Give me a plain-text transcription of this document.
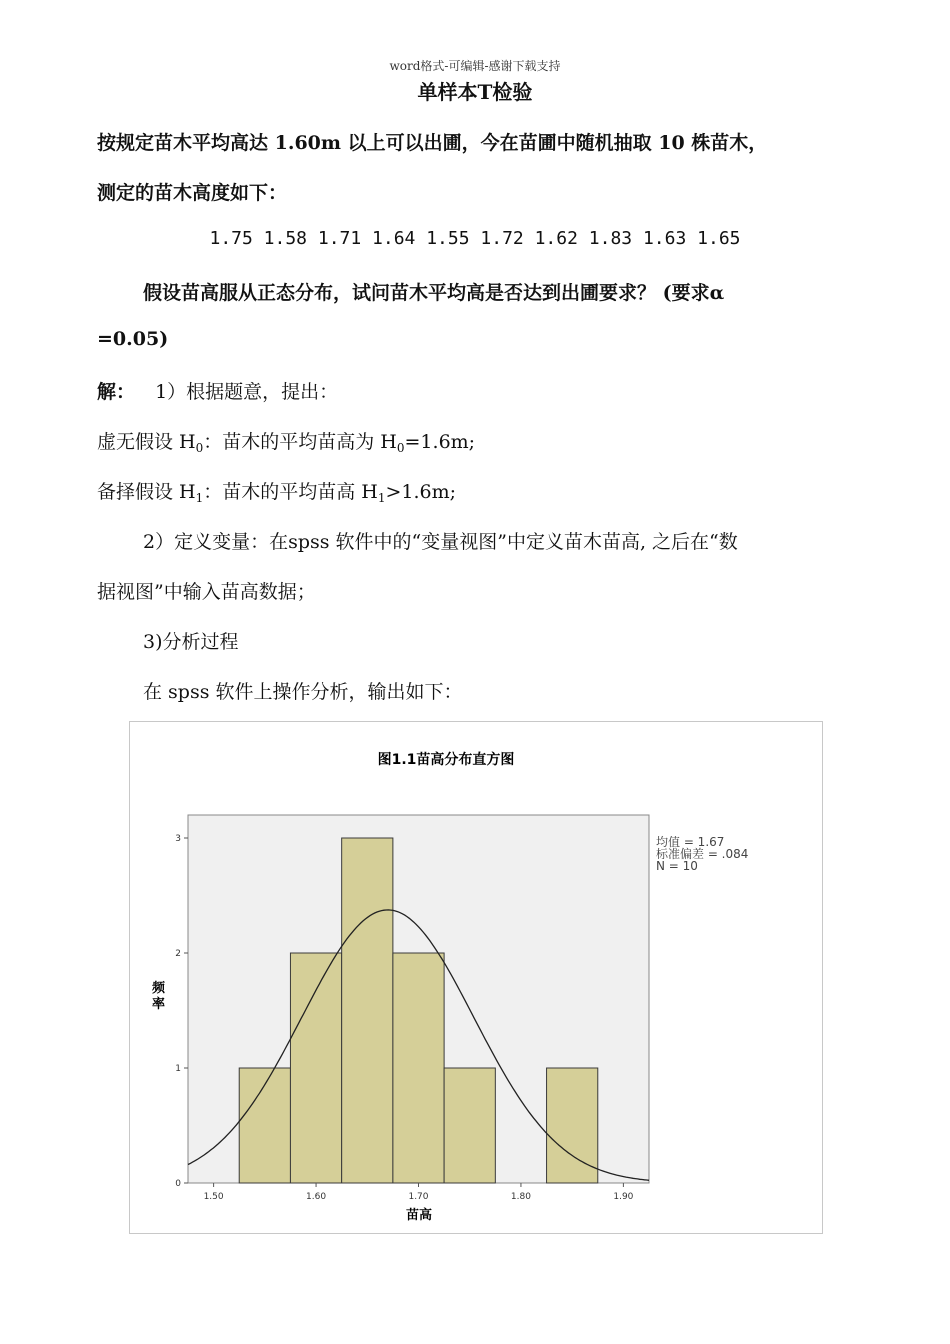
word格式-可编辑-感谢下载支持
单样本T检验
按规定苗木平均高达 1.60m 以上可以出圃，今在苗圃中随机抽取 10 株苗木，
测定的苗木高度如下：
1.75 1.58 1.71 1.64 1.55 1.72 1.62 1.83 1.63 1.65
假设苗高服从正态分布，试问苗木平均高是否达到出圃要求？ (要求α
=0.05)
解： 1）根据题意，提出：
虚无假设 $H_0$：苗木的平均苗高为 $H_0=1.6m$;
备择假设 $H_1$：苗木的平均苗高 $H_1>1.6m$;
2）定义变量：在spss 软件中的“变量视图”中定义苗木苗高, 之后在“数
据视图”中输入苗高数据；
3)分析过程
在 spss 软件上操作分析，输出如下：
图1.1苗高分布直方图
0
1
2
3
1.50	1.60	1.70	1.80	1.90
频 率
苗高
均值 = 1.67
标准偏差 = .084
N = 10
